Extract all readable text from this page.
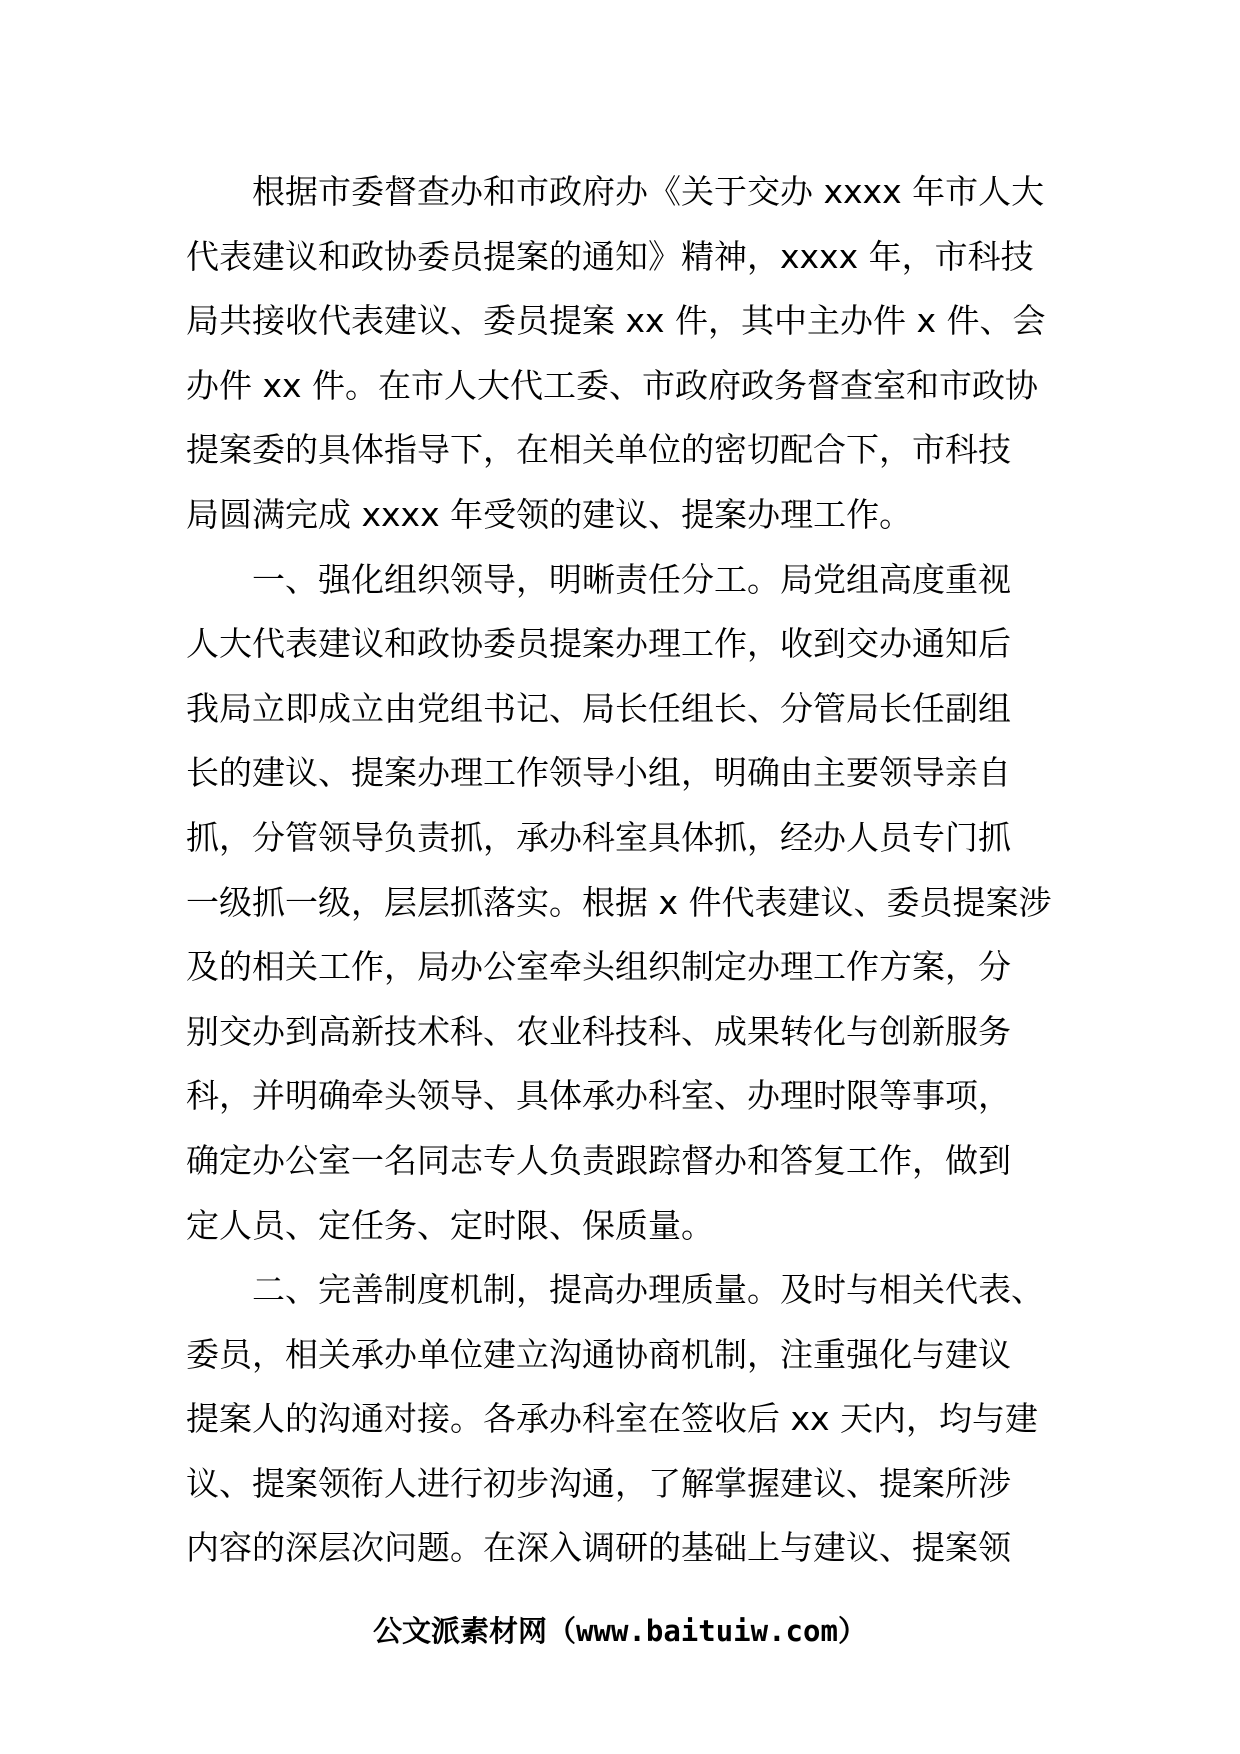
　　根据市委督查办和市政府办《关于交办 xxxx 年市人大
代表建议和政协委员提案的通知》精神，xxxx 年，市科技
局共接收代表建议、委员提案 xx 件，其中主办件 x 件、会
办件 xx 件。在市人大代工委、市政府政务督查室和市政协
提案委的具体指导下，在相关单位的密切配合下，市科技
局圆满完成 xxxx 年受领的建议、提案办理工作。
　　一、强化组织领导，明晰责任分工。局党组高度重视
人大代表建议和政协委员提案办理工作，收到交办通知后
我局立即成立由党组书记、局长任组长、分管局长任副组
长的建议、提案办理工作领导小组，明确由主要领导亲自
抓，分管领导负责抓，承办科室具体抓，经办人员专门抓
一级抓一级，层层抓落实。根据 x 件代表建议、委员提案涉
及的相关工作，局办公室牵头组织制定办理工作方案，分
别交办到高新技术科、农业科技科、成果转化与创新服务
科，并明确牵头领导、具体承办科室、办理时限等事项，
确定办公室一名同志专人负责跟踪督办和答复工作，做到
定人员、定任务、定时限、保质量。
　　二、完善制度机制，提高办理质量。及时与相关代表、
委员，相关承办单位建立沟通协商机制，注重强化与建议
提案人的沟通对接。各承办科室在签收后 xx 天内，均与建
议、提案领衔人进行初步沟通，了解掌握建议、提案所涉
内容的深层次问题。在深入调研的基础上与建议、提案领
公文派素材网（www.baituiw.com）
